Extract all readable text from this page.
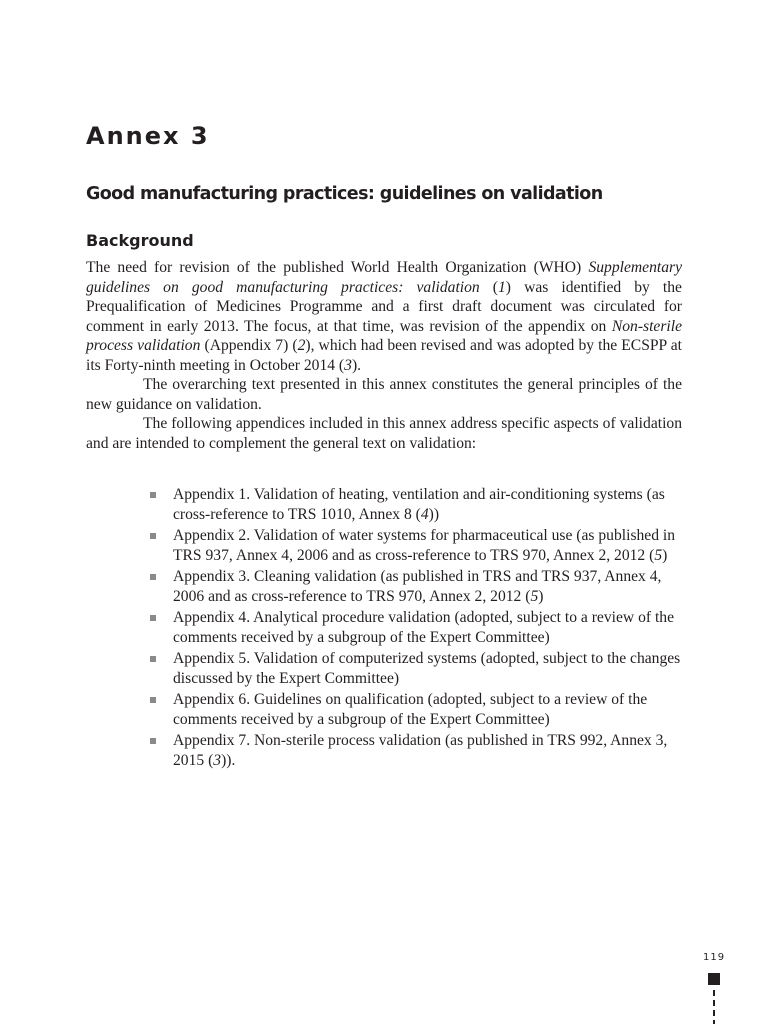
Annex 3
Good manufacturing practices: guidelines on validation
Background

The need for revision of the published World Health Organization (WHO) Supplementary guidelines on good manufacturing practices: validation (1) was identified by the Prequalification of Medicines Programme and a first draft document was circulated for comment in early 2013. The focus, at that time, was revision of the appendix on Non-sterile process validation (Appendix 7) (2), which had been revised and was adopted by the ECSPP at its Forty-ninth meeting in October 2014 (3).

The overarching text presented in this annex constitutes the general principles of the new guidance on validation.

The following appendices included in this annex address specific aspects of validation and are intended to complement the general text on validation:

Appendix 1. Validation of heating, ventilation and air-conditioning systems (as cross-reference to TRS 1010, Annex 8 (4))
Appendix 2. Validation of water systems for pharmaceutical use (as published in TRS 937, Annex 4, 2006 and as cross-reference to TRS 970, Annex 2, 2012 (5)
Appendix 3. Cleaning validation (as published in TRS and TRS 937, Annex 4, 2006 and as cross-reference to TRS 970, Annex 2, 2012 (5)
Appendix 4. Analytical procedure validation (adopted, subject to a review of the comments received by a subgroup of the Expert Committee)
Appendix 5. Validation of computerized systems (adopted, subject to the changes discussed by the Expert Committee)
Appendix 6. Guidelines on qualification (adopted, subject to a review of the comments received by a subgroup of the Expert Committee)
Appendix 7. Non-sterile process validation (as published in TRS 992, Annex 3, 2015 (3)).
119
